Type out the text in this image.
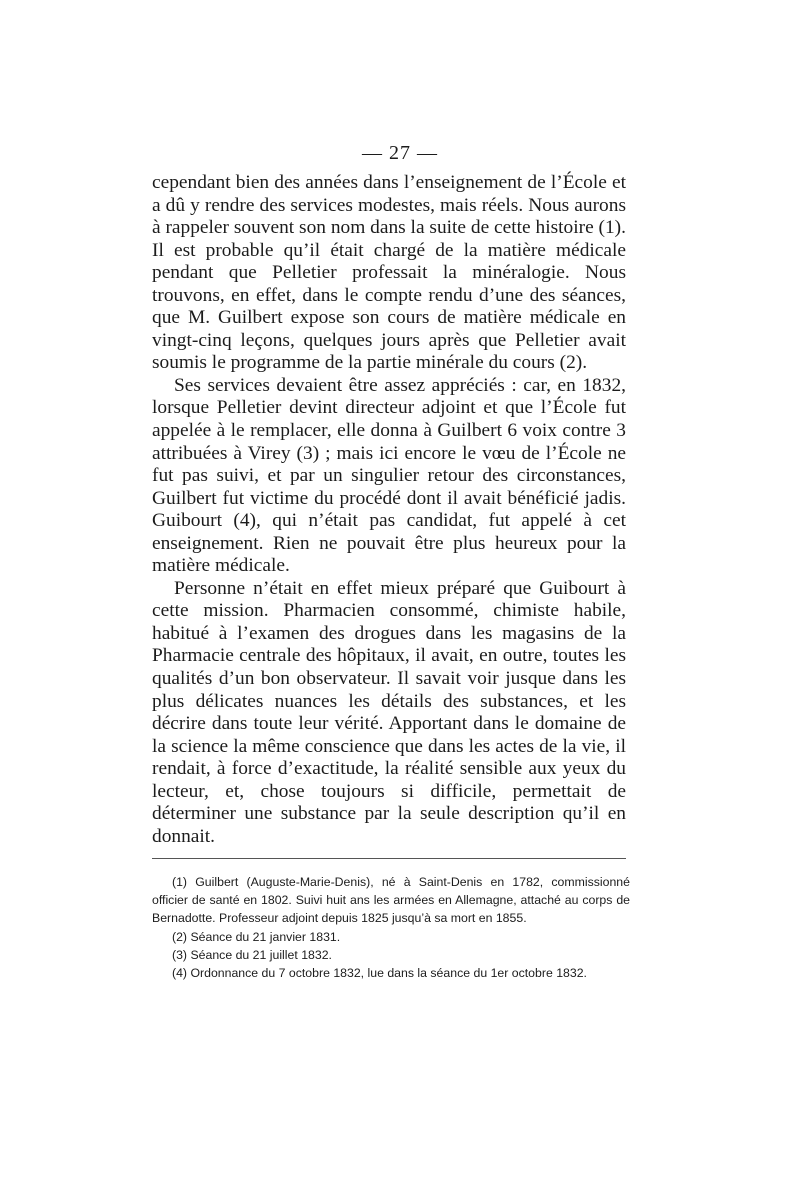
— 27 —

cependant bien des années dans l’enseignement de l’École et a dû y rendre des services modestes, mais réels. Nous aurons à rappeler souvent son nom dans la suite de cette histoire (1). Il est probable qu’il était chargé de la matière médicale pendant que Pelletier professait la minéralogie. Nous trouvons, en effet, dans le compte rendu d’une des séances, que M. Guilbert expose son cours de matière médicale en vingt-cinq leçons, quelques jours après que Pelletier avait soumis le programme de la partie minérale du cours (2).

Ses services devaient être assez appréciés : car, en 1832, lorsque Pelletier devint directeur adjoint et que l’École fut appelée à le remplacer, elle donna à Guilbert 6 voix contre 3 attribuées à Virey (3) ; mais ici encore le vœu de l’École ne fut pas suivi, et par un singulier retour des circonstances, Guilbert fut victime du procédé dont il avait bénéficié jadis. Guibourt (4), qui n’était pas candidat, fut appelé à cet enseignement. Rien ne pouvait être plus heureux pour la matière médicale.

Personne n’était en effet mieux préparé que Guibourt à cette mission. Pharmacien consommé, chimiste habile, habitué à l’examen des drogues dans les magasins de la Pharmacie centrale des hôpitaux, il avait, en outre, toutes les qualités d’un bon observateur. Il savait voir jusque dans les plus délicates nuances les détails des substances, et les décrire dans toute leur vérité. Apportant dans le domaine de la science la même conscience que dans les actes de la vie, il rendait, à force d’exactitude, la réalité sensible aux yeux du lecteur, et, chose toujours si difficile, permettait de déterminer une substance par la seule description qu’il en donnait.

(1) Guilbert (Auguste-Marie-Denis), né à Saint-Denis en 1782, commissionné officier de santé en 1802. Suivi huit ans les armées en Allemagne, attaché au corps de Bernadotte. Professeur adjoint depuis 1825 jusqu’à sa mort en 1855.

(2) Séance du 21 janvier 1831.

(3) Séance du 21 juillet 1832.

(4) Ordonnance du 7 octobre 1832, lue dans la séance du 1er octobre 1832.
